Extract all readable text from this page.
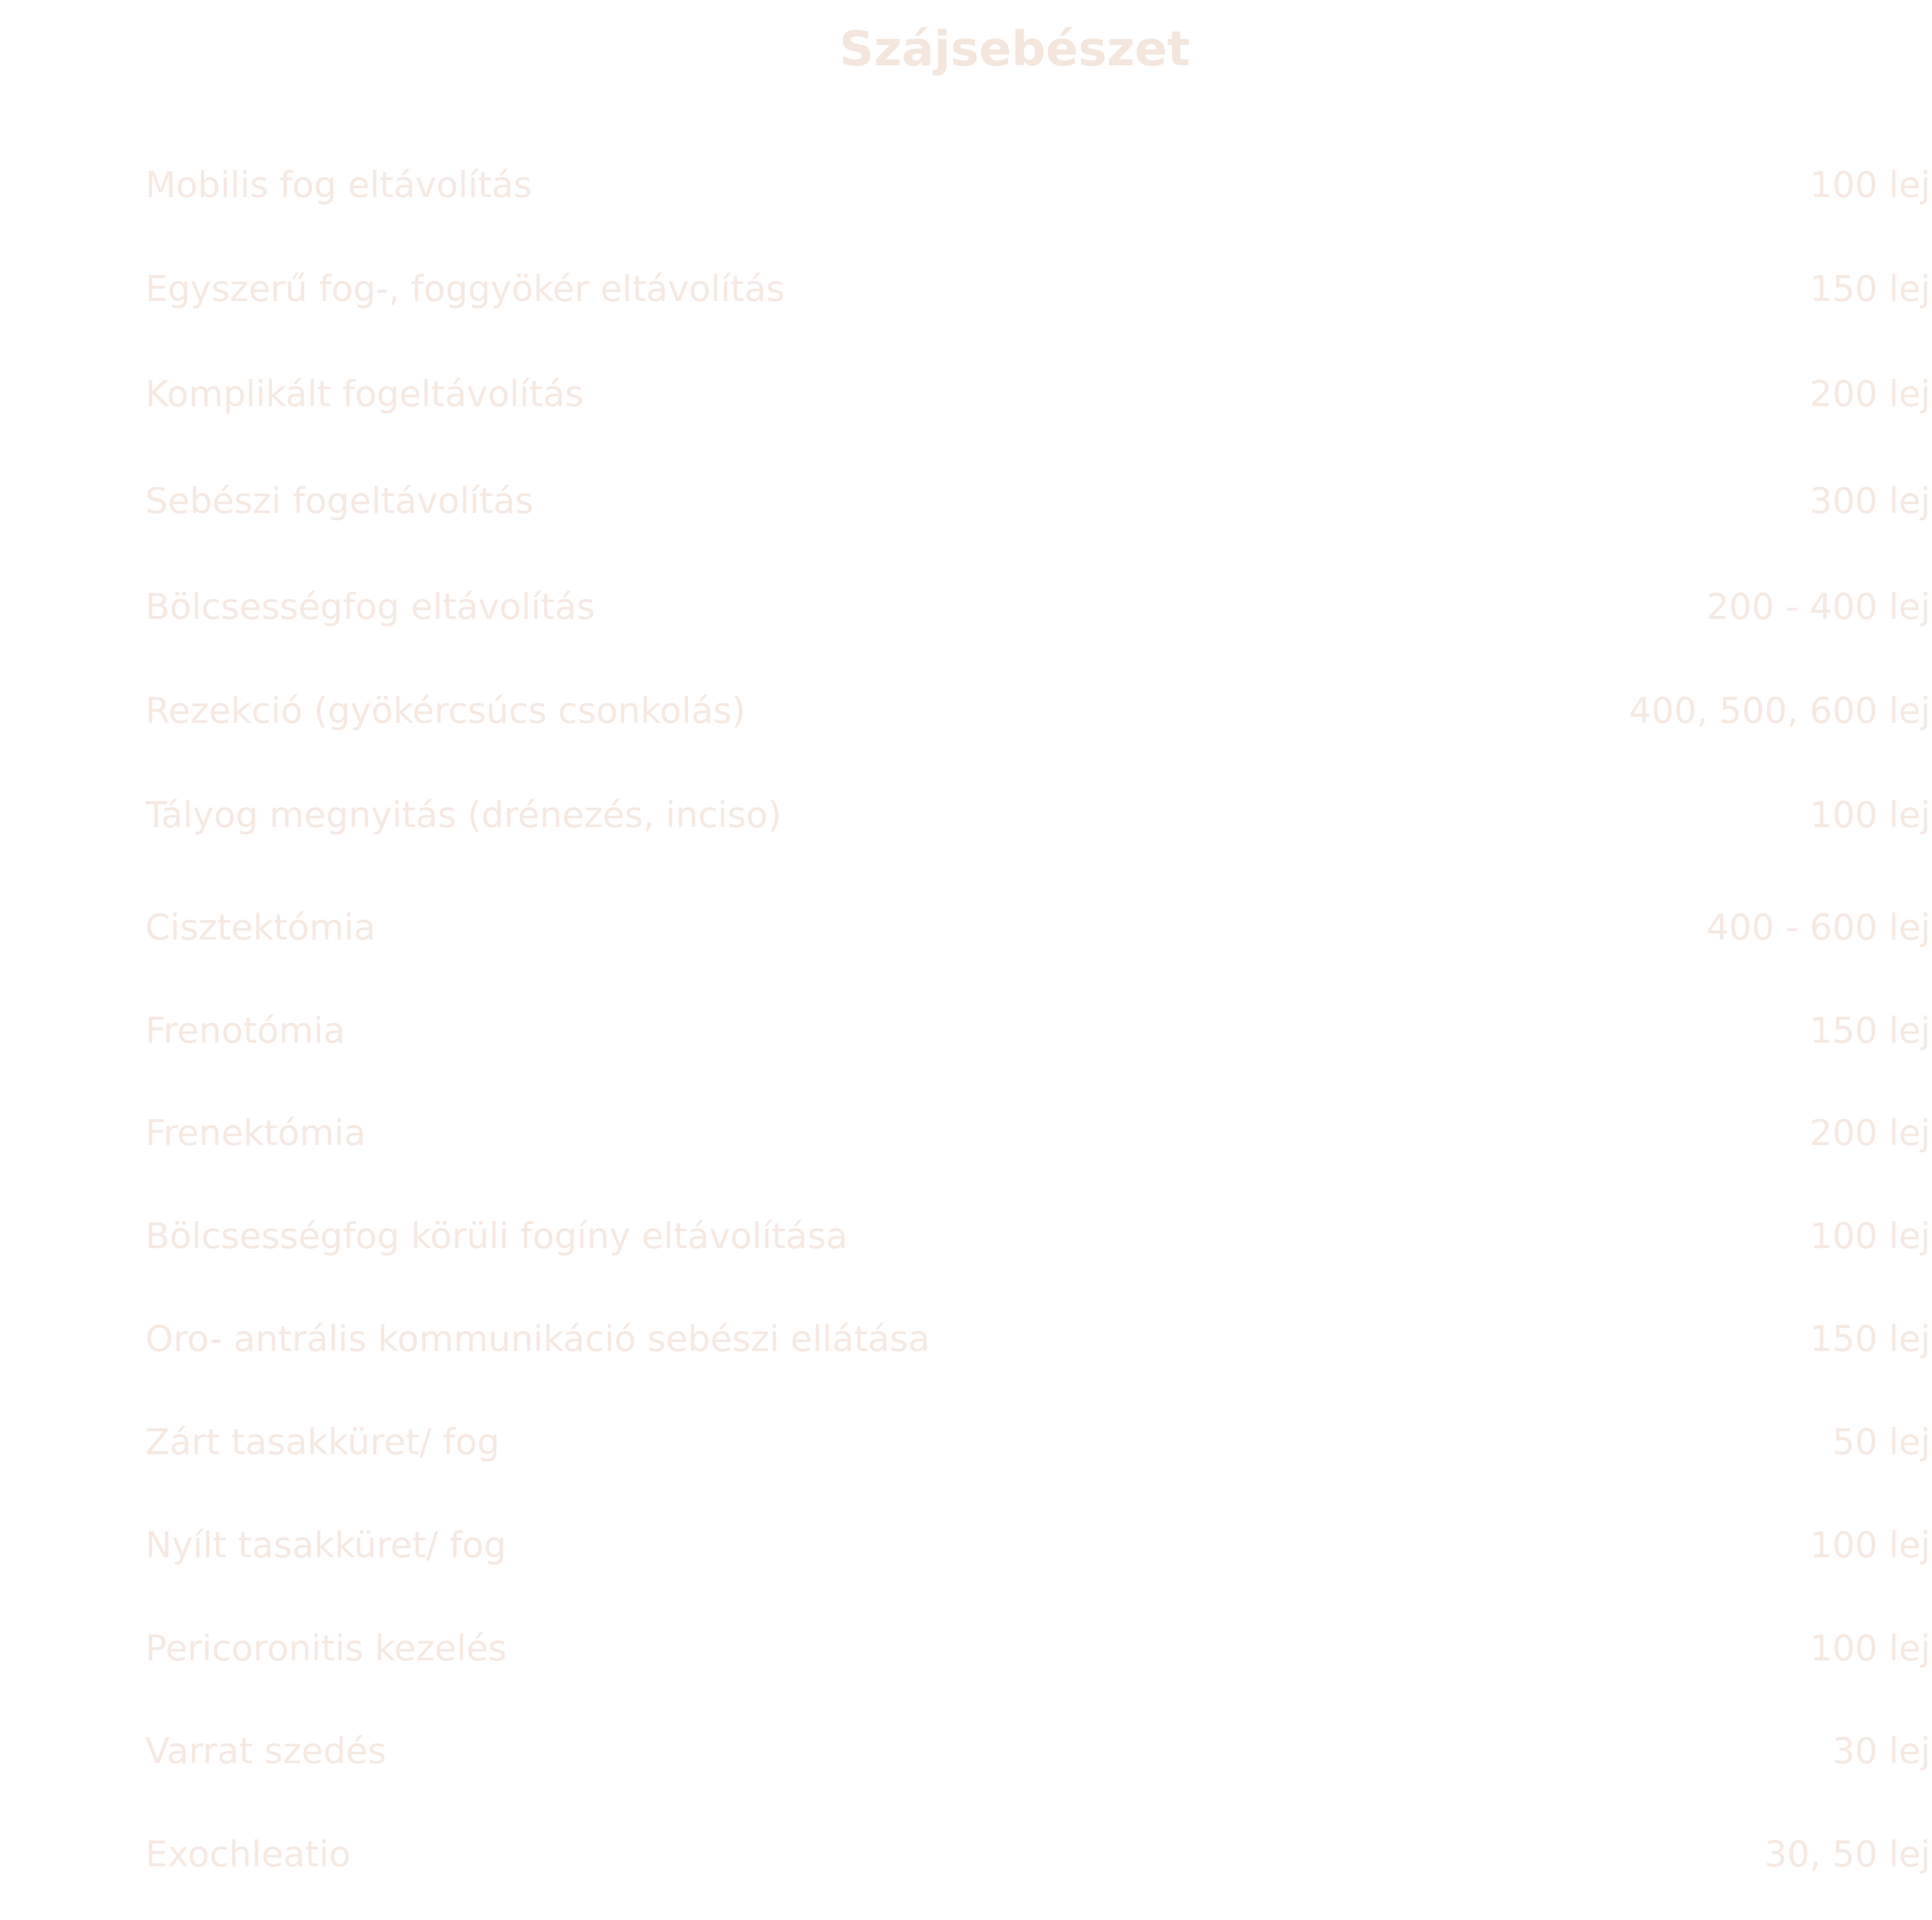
Szájsebészet
Mobilis fog eltávolítás	100 lej
Egyszerű fog-, foggyökér eltávolítás	150 lej
Komplikált fogeltávolítás	200 lej
Sebészi fogeltávolítás	300 lej
Bölcsességfog eltávolítás	200 - 400 lej
Rezekció (gyökércsúcs csonkolás)	400, 500, 600 lej
Tályog megnyitás (drénezés, inciso)	100 lej
Cisztektómia	400 - 600 lej
Frenotómia	150 lej
Frenektómia	200 lej
Bölcsességfog körüli fogíny eltávolítása	100 lej
Oro- antrális kommunikáció sebészi ellátása	150 lej
Zárt tasakküret/ fog	50 lej
Nyílt tasakküret/ fog	100 lej
Pericoronitis kezelés	100 lej
Varrat szedés	30 lej
Exochleatio	30, 50 lej
